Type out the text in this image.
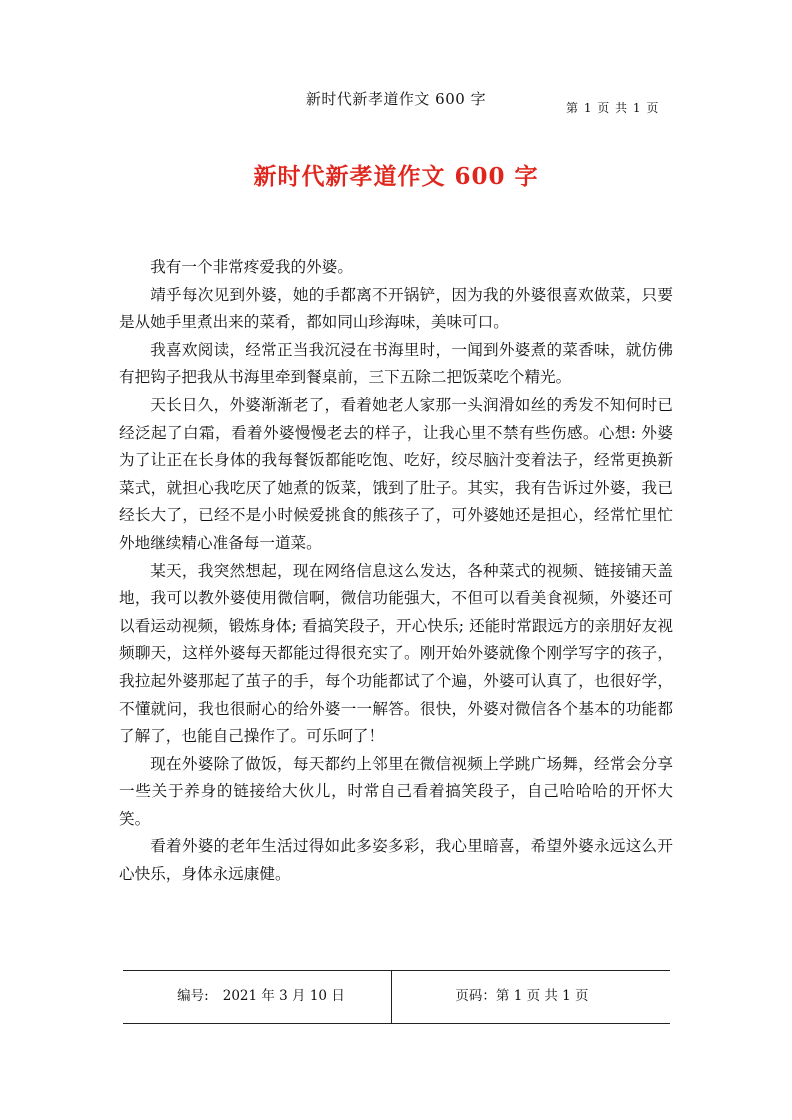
新时代新孝道作文 600 字	第 1 页 共 1 页
新时代新孝道作文 600 字

我有一个非常疼爱我的外婆。

靖乎每次见到外婆，她的手都离不开锅铲，因为我的外婆很喜欢做菜，只要是从她手里煮出来的菜肴，都如同山珍海味，美味可口。

我喜欢阅读，经常正当我沉浸在书海里时，一闻到外婆煮的菜香味，就仿佛有把钩子把我从书海里牵到餐桌前，三下五除二把饭菜吃个精光。

天长日久，外婆渐渐老了，看着她老人家那一头润滑如丝的秀发不知何时已经泛起了白霜，看着外婆慢慢老去的样子，让我心里不禁有些伤感。心想: 外婆为了让正在长身体的我每餐饭都能吃饱、吃好，绞尽脑汁变着法子，经常更换新菜式，就担心我吃厌了她煮的饭菜，饿到了肚子。其实，我有告诉过外婆，我已经长大了，已经不是小时候爱挑食的熊孩子了，可外婆她还是担心，经常忙里忙外地继续精心准备每一道菜。

某天，我突然想起，现在网络信息这么发达，各种菜式的视频、链接铺天盖地，我可以教外婆使用微信啊，微信功能强大，不但可以看美食视频，外婆还可以看运动视频，锻炼身体; 看搞笑段子，开心快乐; 还能时常跟远方的亲朋好友视频聊天，这样外婆每天都能过得很充实了。刚开始外婆就像个刚学写字的孩子，我拉起外婆那起了茧子的手，每个功能都试了个遍，外婆可认真了，也很好学，不懂就问，我也很耐心的给外婆一一解答。很快，外婆对微信各个基本的功能都了解了，也能自己操作了。可乐呵了！

现在外婆除了做饭，每天都约上邻里在微信视频上学跳广场舞，经常会分享一些关于养身的链接给大伙儿，时常自己看着搞笑段子，自己哈哈哈的开怀大笑。

看着外婆的老年生活过得如此多姿多彩，我心里暗喜，希望外婆永远这么开心快乐，身体永远康健。

编号: 2021 年 3 月 10 日	页码：第 1 页 共 1 页
